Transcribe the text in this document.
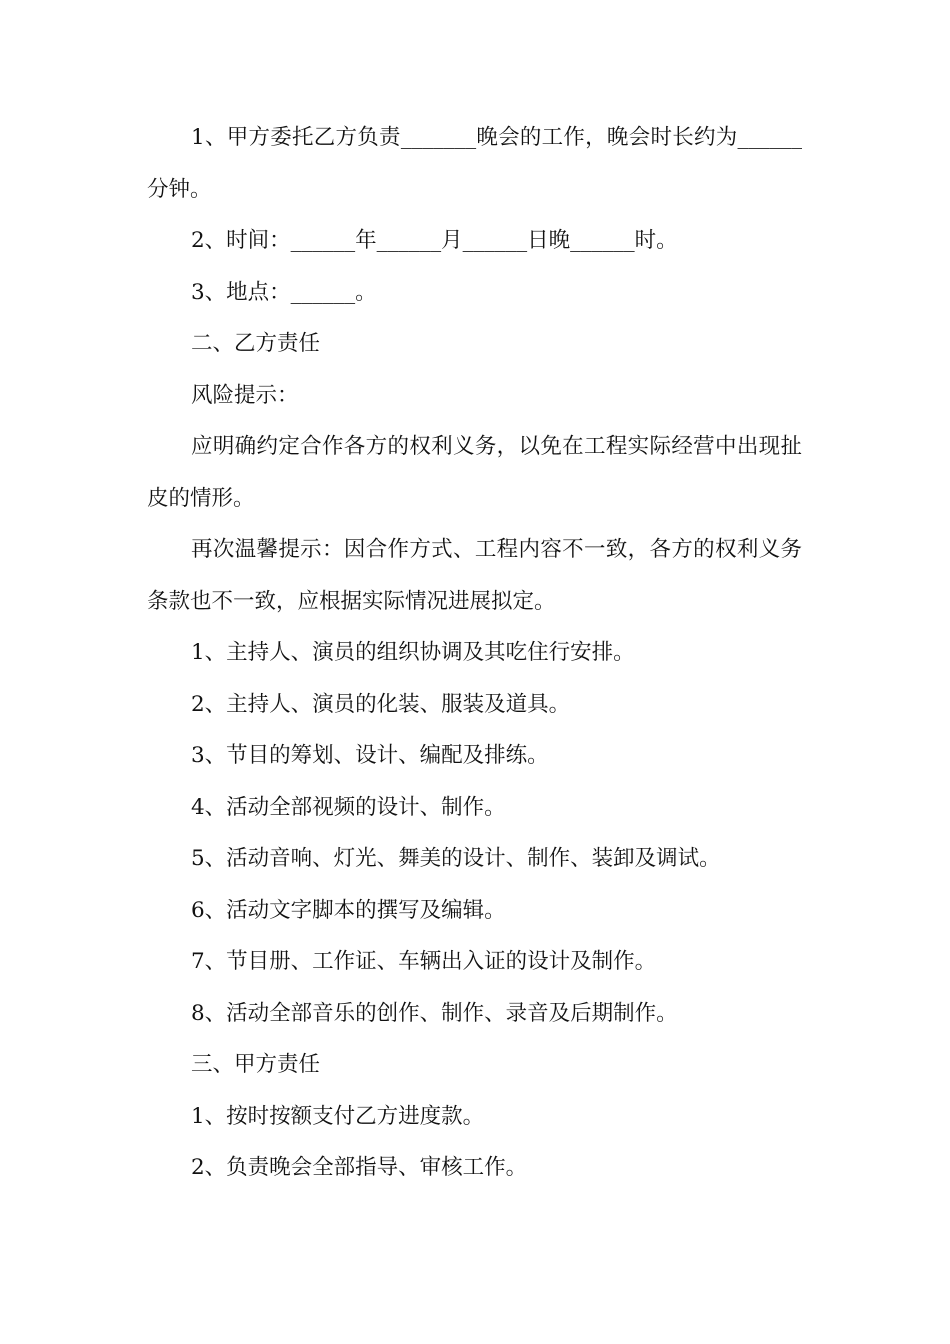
1、甲方委托乙方负责_______晚会的工作，晚会时长约为______分钟。

2、时间：______年______月______日晚______时。

3、地点：______。

二、乙方责任

风险提示：

应明确约定合作各方的权利义务，以免在工程实际经营中出现扯皮的情形。

再次温馨提示：因合作方式、工程内容不一致，各方的权利义务条款也不一致，应根据实际情况进展拟定。

1、主持人、演员的组织协调及其吃住行安排。

2、主持人、演员的化装、服装及道具。

3、节目的筹划、设计、编配及排练。

4、活动全部视频的设计、制作。

5、活动音响、灯光、舞美的设计、制作、装卸及调试。

6、活动文字脚本的撰写及编辑。

7、节目册、工作证、车辆出入证的设计及制作。

8、活动全部音乐的创作、制作、录音及后期制作。

三、甲方责任

1、按时按额支付乙方进度款。

2、负责晚会全部指导、审核工作。
